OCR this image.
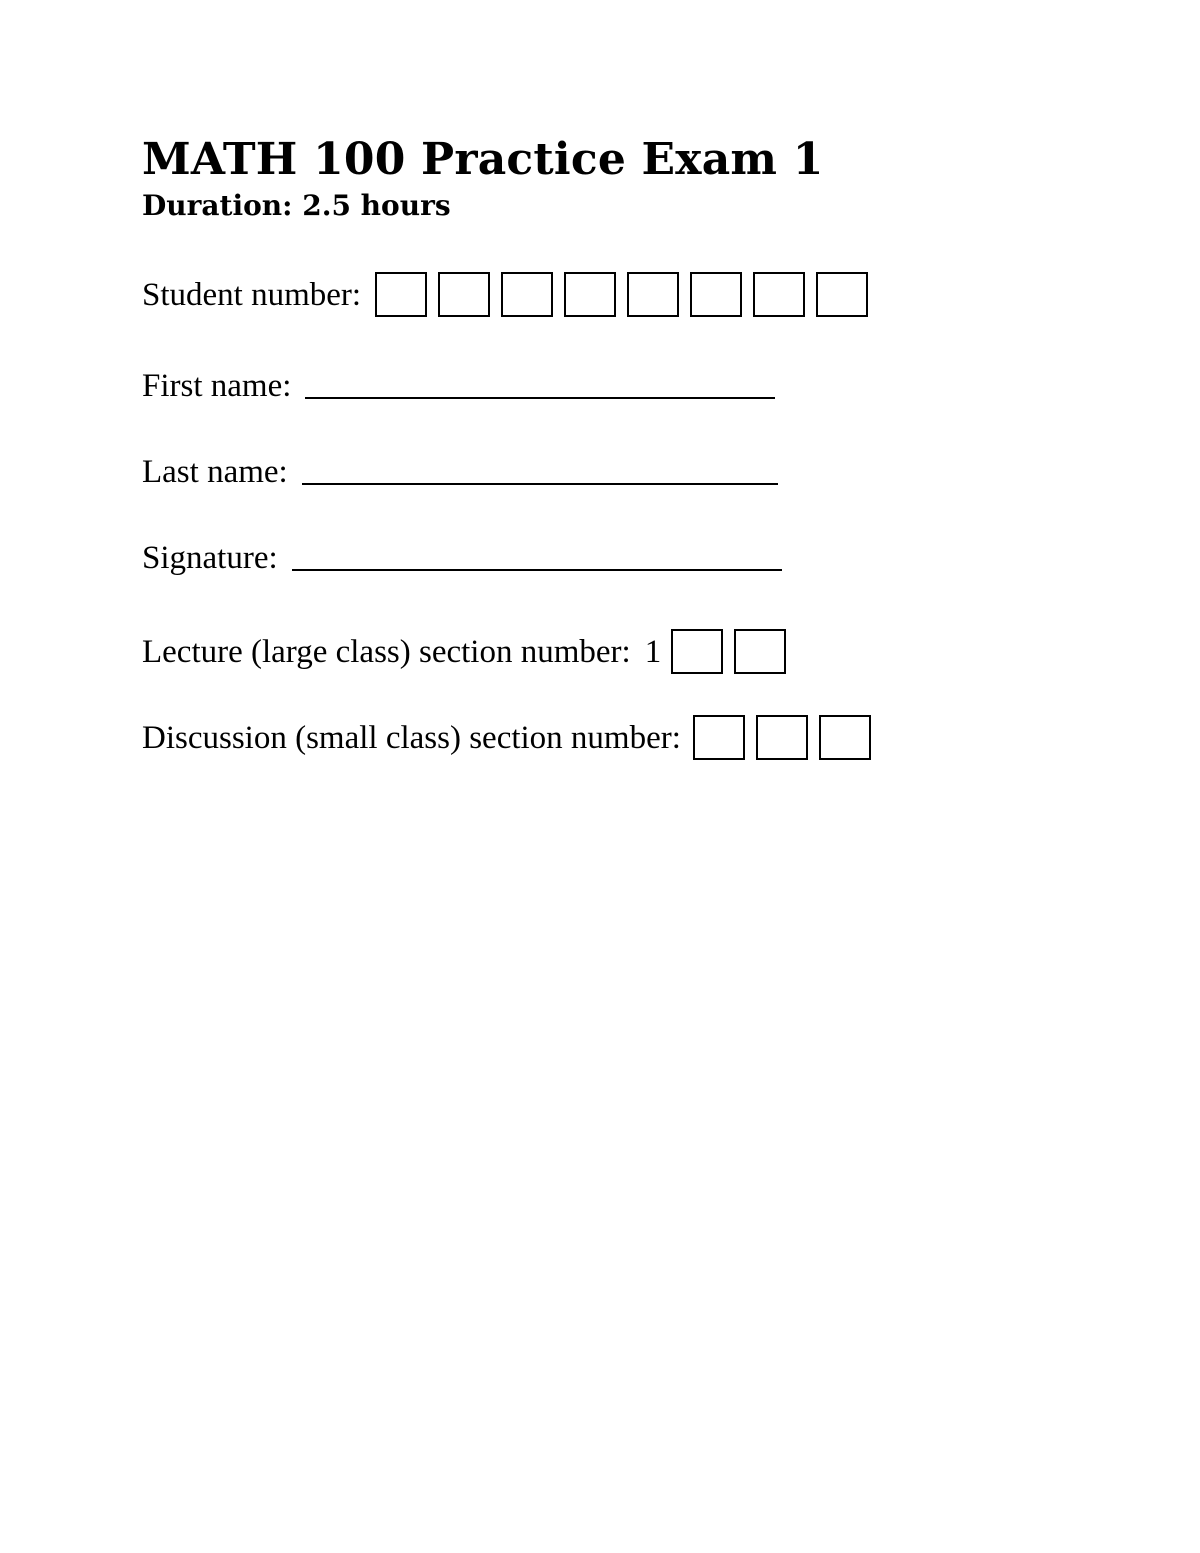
MATH 100 Practice Exam 1
Duration: 2.5 hours
Student number:
First name:
Last name:
Signature:
Lecture (large class) section number: 1
Discussion (small class) section number:
